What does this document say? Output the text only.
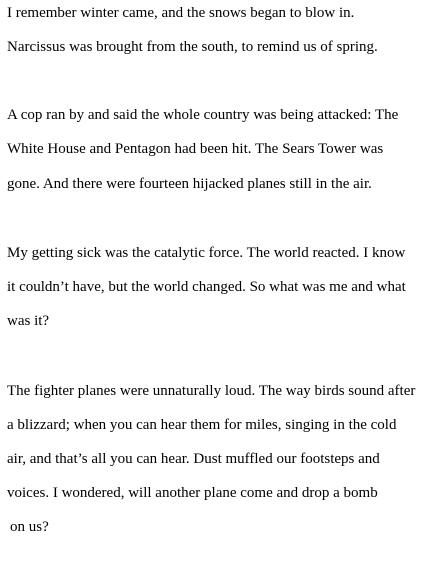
I remember winter came, and the snows began to blow in.

Narcissus was brought from the south, to remind us of spring.

A cop ran by and said the whole country was being attacked: The

White House and Pentagon had been hit. The Sears Tower was

gone. And there were fourteen hijacked planes still in the air.

My getting sick was the catalytic force. The world reacted. I know

it couldn’t have, but the world changed. So what was me and what

was it?

The fighter planes were unnaturally loud. The way birds sound after

a blizzard; when you can hear them for miles, singing in the cold

air, and that’s all you can hear. Dust muffled our footsteps and

voices. I wondered, will another plane come and drop a bomb

on us?
